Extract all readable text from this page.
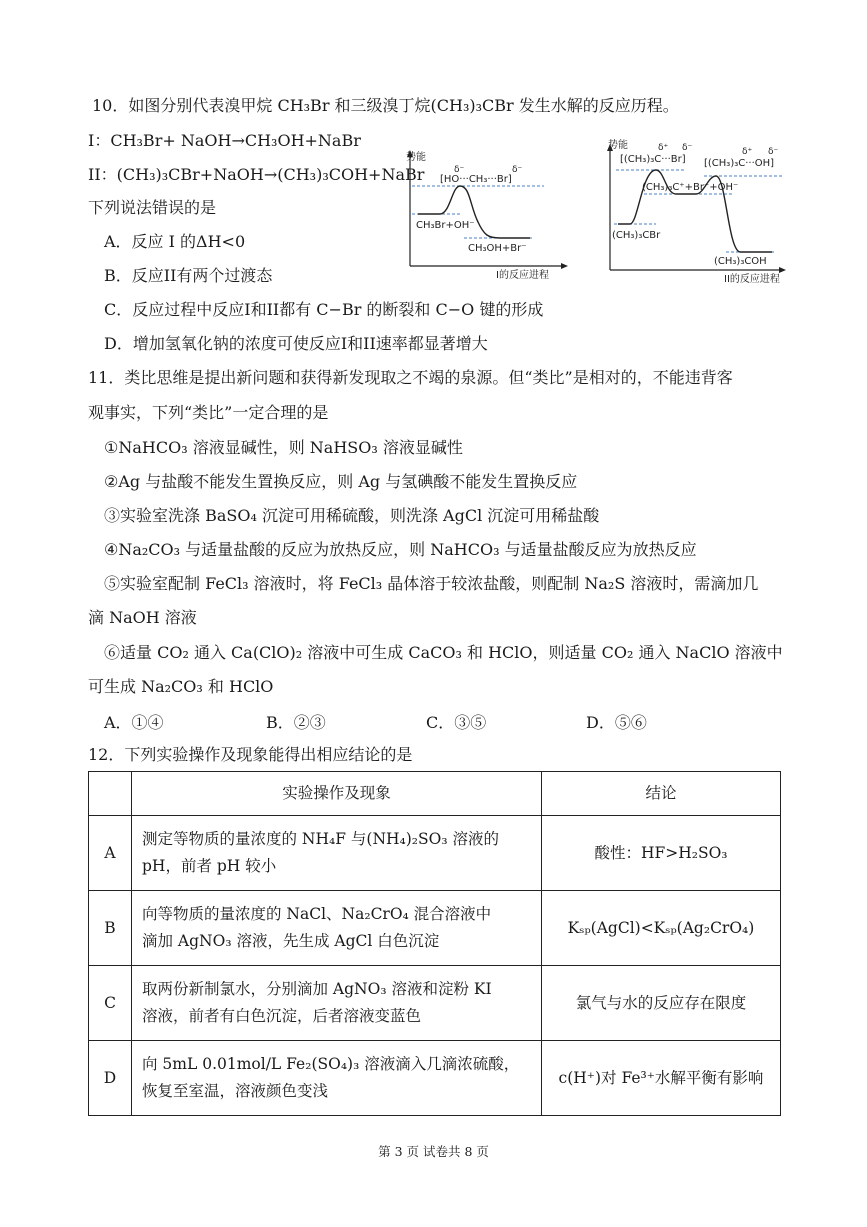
10．如图分别代表溴甲烷 CH₃Br 和三级溴丁烷(CH₃)₃CBr 发生水解的反应历程。
I：CH₃Br+ NaOH→CH₃OH+NaBr
II：(CH₃)₃CBr+NaOH→(CH₃)₃COH+NaBr
下列说法错误的是
A．反应 I 的ΔH<0
B．反应II有两个过渡态
C．反应过程中反应I和II都有 C−Br 的断裂和 C−O 键的形成
D．增加氢氧化钠的浓度可使反应I和II速率都显著增大
势能
δ⁻	δ⁻
[HO···CH₃···Br]
CH₃Br+OH⁻
CH₃OH+Br⁻
I的反应进程
势能	δ⁺ δ⁻
[(CH₃)₃C···Br]
δ⁺ δ⁻
[(CH₃)₃C···OH]
(CH₃)₃C⁺+Br⁻+OH⁻
(CH₃)₃CBr
(CH₃)₃COH
II的反应进程
11．类比思维是提出新问题和获得新发现取之不竭的泉源。但“类比”是相对的，不能违背客
观事实，下列“类比”一定合理的是
①NaHCO₃ 溶液显碱性，则 NaHSO₃ 溶液显碱性
②Ag 与盐酸不能发生置换反应，则 Ag 与氢碘酸不能发生置换反应
③实验室洗涤 BaSO₄ 沉淀可用稀硫酸，则洗涤 AgCl 沉淀可用稀盐酸
④Na₂CO₃ 与适量盐酸的反应为放热反应，则 NaHCO₃ 与适量盐酸反应为放热反应
⑤实验室配制 FeCl₃ 溶液时，将 FeCl₃ 晶体溶于较浓盐酸，则配制 Na₂S 溶液时，需滴加几
滴 NaOH 溶液
⑥适量 CO₂ 通入 Ca(ClO)₂ 溶液中可生成 CaCO₃ 和 HClO，则适量 CO₂ 通入 NaClO 溶液中
可生成 Na₂CO₃ 和 HClO
A．①④	B．②③	C．③⑤	D．⑤⑥
12．下列实验操作及现象能得出相应结论的是
	实验操作及现象	结论
A	测定等物质的量浓度的 NH₄F 与(NH₄)₂SO₃ 溶液的
pH，前者 pH 较小	酸性：HF>H₂SO₃
B	向等物质的量浓度的 NaCl、Na₂CrO₄ 混合溶液中
滴加 AgNO₃ 溶液，先生成 AgCl 白色沉淀	Kₛₚ(AgCl)<Kₛₚ(Ag₂CrO₄)
C	取两份新制氯水，分别滴加 AgNO₃ 溶液和淀粉 KI
溶液，前者有白色沉淀，后者溶液变蓝色	氯气与水的反应存在限度
D	向 5mL 0.01mol/L Fe₂(SO₄)₃ 溶液滴入几滴浓硫酸，
恢复至室温，溶液颜色变浅	c(H⁺)对 Fe³⁺水解平衡有影响
第 3 页 试卷共 8 页
